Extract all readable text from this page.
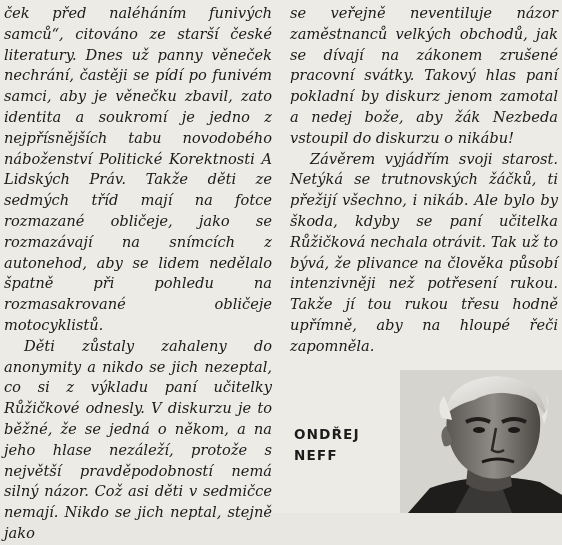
ček před naléháním funivých samců“, citováno ze starší české literatury. Dnes už panny věneček nechrání, častěji se pídí po funivém samci, aby je věnečku zbavil, zato identita a soukromí je jedno z nejpřísnějších tabu novodobého náboženství Politické Korektnosti A Lidských Práv. Takže děti ze sedmých tříd mají na fotce rozmazané obličeje, jako se rozmazávají na snímcích z autonehod, aby se lidem nedělalo špatně při pohledu na rozmasakrované obličeje motocyklistů.

Děti zůstaly zahaleny do anonymity a nikdo se jich nezeptal, co si z výkladu paní učitelky Růžičkové odnesly. V diskurzu je to běžné, že se jedná o někom, a na jeho hlase nezáleží, protože s největší pravděpodobností nemá silný názor. Což asi děti v sedmičce nemají. Nikdo se jich neptal, stejně jako

se veřejně neventiluje názor zaměstnanců velkých obchodů, jak se dívají na zákonem zrušené pracovní svátky. Takový hlas paní pokladní by diskurz jenom zamotal a nedej bože, aby žák Nezbeda vstoupil do diskurzu o nikábu!

Závěrem vyjádřím svoji starost. Netýká se trutnovských žáčků, ti přežijí všechno, i nikáb. Ale bylo by škoda, kdyby se paní učitelka Růžičková nechala otrávit. Tak už to bývá, že plivance na člověka působí intenzivněji než potřesení rukou. Takže jí tou rukou třesu hodně upřímně, aby na hloupé řeči zapomněla.

ONDŘEJ
NEFF
